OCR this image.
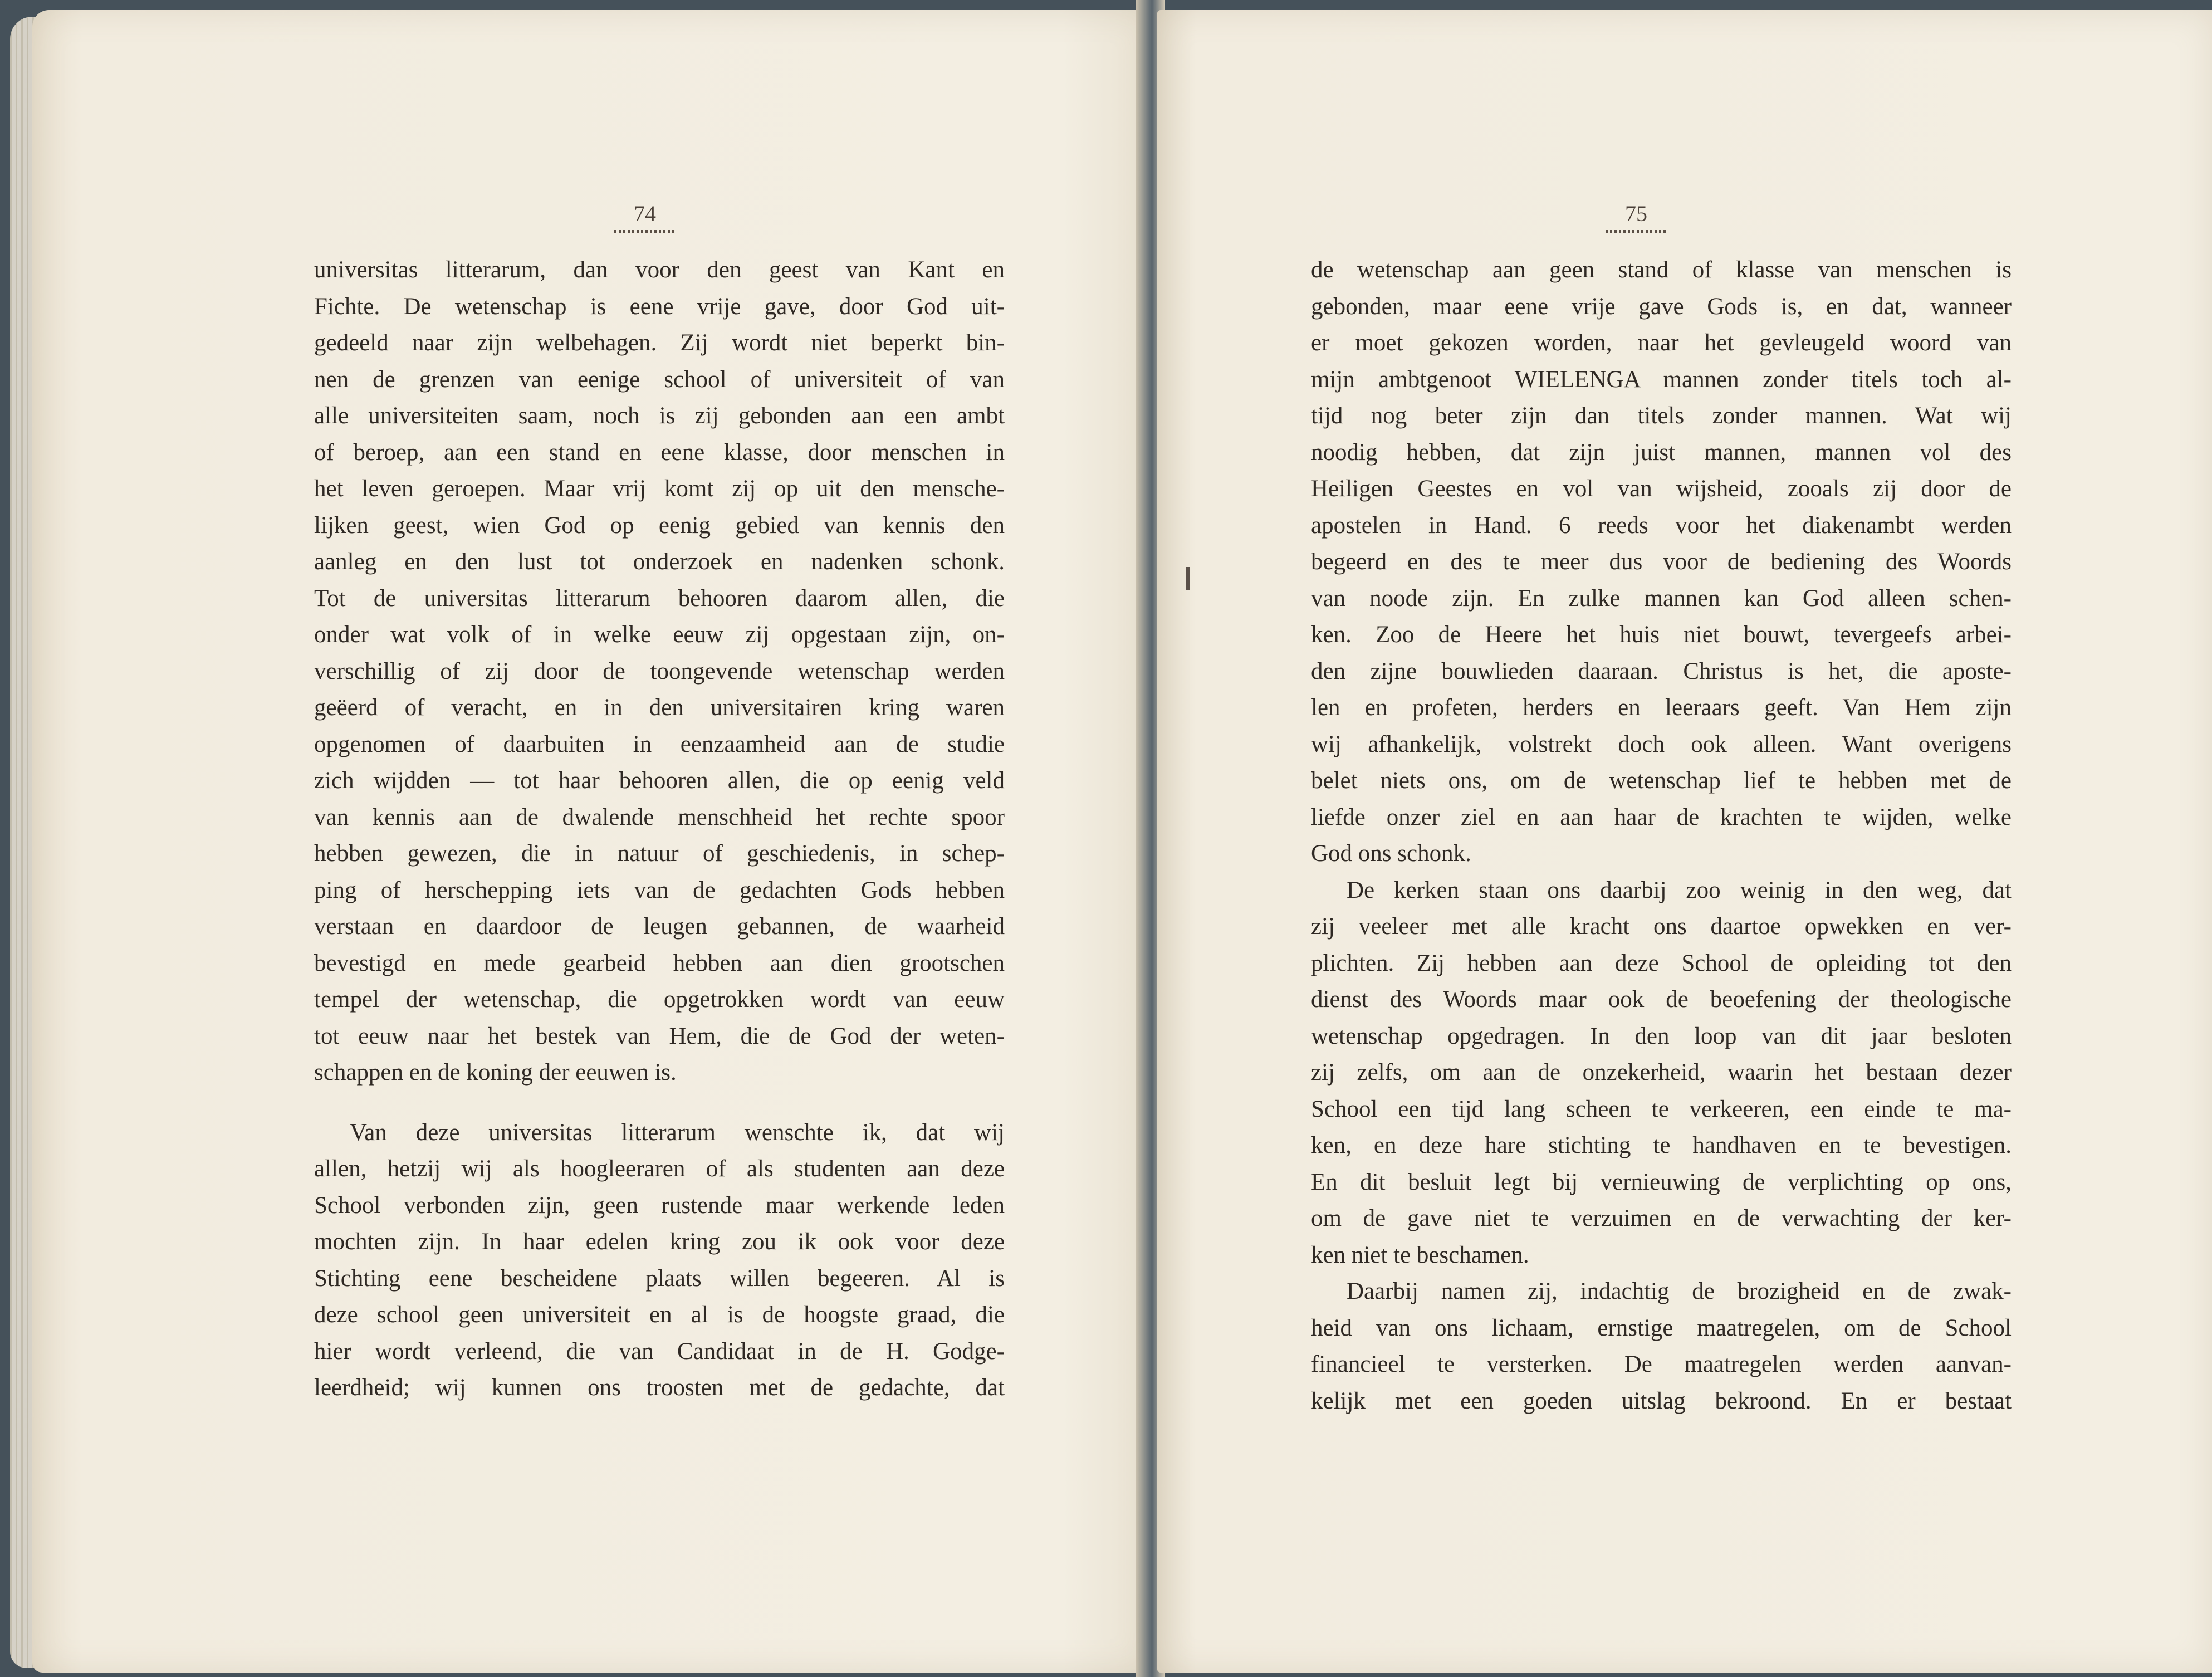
74
universitas litterarum, dan voor den geest van Kant en
Fichte. De wetenschap is eene vrije gave, door God uit-
gedeeld naar zijn welbehagen. Zij wordt niet beperkt bin-
nen de grenzen van eenige school of universiteit of van
alle universiteiten saam, noch is zij gebonden aan een ambt
of beroep, aan een stand en eene klasse, door menschen in
het leven geroepen. Maar vrij komt zij op uit den mensche-
lijken geest, wien God op eenig gebied van kennis den
aanleg en den lust tot onderzoek en nadenken schonk.
Tot de universitas litterarum behooren daarom allen, die
onder wat volk of in welke eeuw zij opgestaan zijn, on-
verschillig of zij door de toongevende wetenschap werden
geëerd of veracht, en in den universitairen kring waren
opgenomen of daarbuiten in eenzaamheid aan de studie
zich wijdden — tot haar behooren allen, die op eenig veld
van kennis aan de dwalende menschheid het rechte spoor
hebben gewezen, die in natuur of geschiedenis, in schep-
ping of herschepping iets van de gedachten Gods hebben
verstaan en daardoor de leugen gebannen, de waarheid
bevestigd en mede gearbeid hebben aan dien grootschen
tempel der wetenschap, die opgetrokken wordt van eeuw
tot eeuw naar het bestek van Hem, die de God der weten-
schappen en de koning der eeuwen is.
Van deze universitas litterarum wenschte ik, dat wij
allen, hetzij wij als hoogleeraren of als studenten aan deze
School verbonden zijn, geen rustende maar werkende leden
mochten zijn. In haar edelen kring zou ik ook voor deze
Stichting eene bescheidene plaats willen begeeren. Al is
deze school geen universiteit en al is de hoogste graad, die
hier wordt verleend, die van Candidaat in de H. Godge-
leerdheid; wij kunnen ons troosten met de gedachte, dat
75
de wetenschap aan geen stand of klasse van menschen is
gebonden, maar eene vrije gave Gods is, en dat, wanneer
er moet gekozen worden, naar het gevleugeld woord van
mijn ambtgenoot WIELENGA mannen zonder titels toch al-
tijd nog beter zijn dan titels zonder mannen. Wat wij
noodig hebben, dat zijn juist mannen, mannen vol des
Heiligen Geestes en vol van wijsheid, zooals zij door de
apostelen in Hand. 6 reeds voor het diakenambt werden
begeerd en des te meer dus voor de bediening des Woords
van noode zijn. En zulke mannen kan God alleen schen-
ken. Zoo de Heere het huis niet bouwt, tevergeefs arbei-
den zijne bouwlieden daaraan. Christus is het, die aposte-
len en profeten, herders en leeraars geeft. Van Hem zijn
wij afhankelijk, volstrekt doch ook alleen. Want overigens
belet niets ons, om de wetenschap lief te hebben met de
liefde onzer ziel en aan haar de krachten te wijden, welke
God ons schonk.
De kerken staan ons daarbij zoo weinig in den weg, dat
zij veeleer met alle kracht ons daartoe opwekken en ver-
plichten. Zij hebben aan deze School de opleiding tot den
dienst des Woords maar ook de beoefening der theologische
wetenschap opgedragen. In den loop van dit jaar besloten
zij zelfs, om aan de onzekerheid, waarin het bestaan dezer
School een tijd lang scheen te verkeeren, een einde te ma-
ken, en deze hare stichting te handhaven en te bevestigen.
En dit besluit legt bij vernieuwing de verplichting op ons,
om de gave niet te verzuimen en de verwachting der ker-
ken niet te beschamen.
Daarbij namen zij, indachtig de brozigheid en de zwak-
heid van ons lichaam, ernstige maatregelen, om de School
financieel te versterken. De maatregelen werden aanvan-
kelijk met een goeden uitslag bekroond. En er bestaat
